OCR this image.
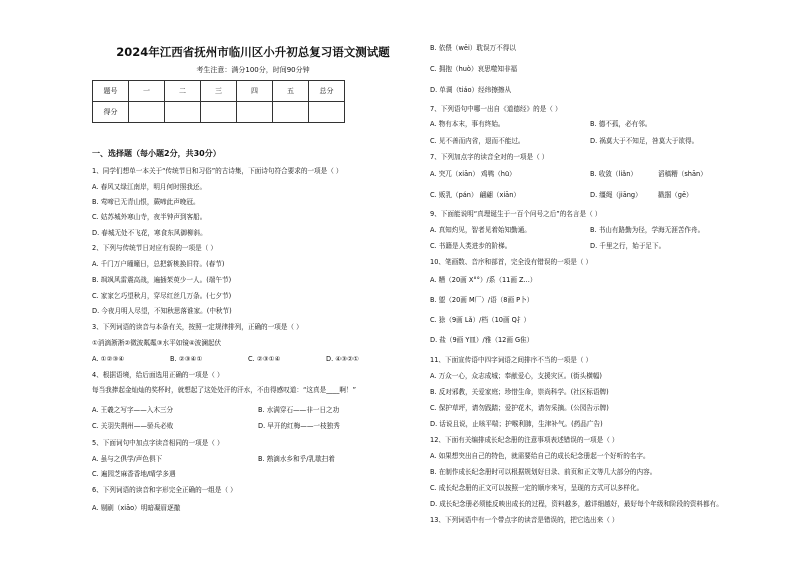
2024年江西省抚州市临川区小升初总复习语文测试题
考生注意：满分100分，时间90分钟
题号	一	二	三	四	五	总分
得分						
一、选择题（每小题2分，共30分）
1、同学们想单一本关于“传统节日和习俗”的古诗集，下面诗句符合要求的一项是（ ）
A. 春风又绿江南岸，明月何时照我还。
B. 莺啼已无青山恨，蕨啼此声晚冠。
C. 姑苏城外寒山寺，夜半钟声到客船。
D. 春城无处不飞花，寒食东风御柳斜。
2、下列与传统节日对应有误的一项是（ ）
A. 千门万户曈曈日，总把新桃换旧符。(春节)
B. 飒飒风雷震高战，遍插茱萸少一人。(端午节)
C. 家家乞巧望秋月，穿尽红丝几万条。(七夕节)
D. 今夜月明人尽望，不知秋思落谁家。(中秋节)
3、下列词语的读音与本条有关，按照一定规律排列，正确的一项是（ ）
①消滴淅淅②微波粼粼③水平如镜④波澜起伏
A. ①②③④	B. ②③④①	C. ②③①④	D. ④③②①
4、根据语境，给后面选用正确的一项是（ ）
每当我捧起金灿灿的奖杯时，就想起了这处处汗的汗水，不由得感叹道：“这真是____啊！”
A. 王羲之写字——入木三分	B. 水满穿石——非一日之功
C. 关羽失荆州——骄兵必败	D. 早开的红梅——一枝独秀
5、下面词句中加点字读音相同的一项是（ ）
A. 虽与之俱学/声色俱下	B. 熟滴水乡和乎/乳歇扫着
C. 遍园芝麻香香地/晴学多遇
6、下列词语的读音和字形完全正确的一组是（ ）
A. 剔刷（xiāo）明暗凝眉逐撤
B. 依偎（wēi）耽误万不得以
C. 拥抱（huò）哀思噬知非福
D. 单调（tiáo）经纬擦擦从
7、下列语句中哪一出自《道德经》的是（ ）
A. 物有本末，事有终始。	B. 德不孤，必有邻。
C. 见不善而内省，退而不能过。	D. 祸莫大于不知足，咎莫大于欲得。
7、下列加点字的读音全对的一项是（ ）
A. 突兀（xiān） 鸡鸭（hū）	B. 收敛（liǎn）	滔稿糟（shān）
C. 贩乳（pán） 翩翩（xiān）	D. 缰绳（jiāng） 戳掴（gē）
9、下面能说明“真理诞生于一百个问号之后”的名言是（ ）
A. 真知灼见，智者见着始知勤通。	B. 书山有路勤为径，学海无涯苦作舟。
C. 书籍是人类进步的阶梯。	D. 千里之行，始于足下。
10、笔画数、音序和部首，完全没有错误的一项是（ ）
A. 糟（20画 X°°）/系（11画 Z...）
B. 盥（20画 M厂）/语（8画 P卜）
C. 狳（9画 Lǎ）/档（10画 Q扌）
D. 盐（9画 Y皿）/雅（12画 G隹）
11、下面宣传语中四字词语之间排序不当的一项是（ ）
A. 万众一心，众志成城；奉献爱心，支援灾区。(街头横幅)
B. 反对邪教，关爱家庭；珍惜生命，崇尚科学。(社区标语牌)
C. 保护草坪，请勿践踏；爱护花木，请勿采摘。(公园告示牌)
D. 话说且说，止咳平喘；护喉利肺，生津补气。(药品广告)
12、下面有关编排成长纪念册的注意事项表述错误的一项是（ ）
A. 如果想突出自己的特色，就需要给自己的成长纪念册起一个好听的名字。
B. 在制作成长纪念册时可以根据规划好目录、前页和正文等几大部分的内容。
C. 成长纪念册的正文可以按照一定的顺序来写，呈现的方式可以多样化。
D. 成长纪念册必须能反映出成长的过程，资料越多，越详细越好，最好每个年级和阶段的资料都有。
13、下列词语中有一个带点字的读音是错误的，把它选出来（ ）
